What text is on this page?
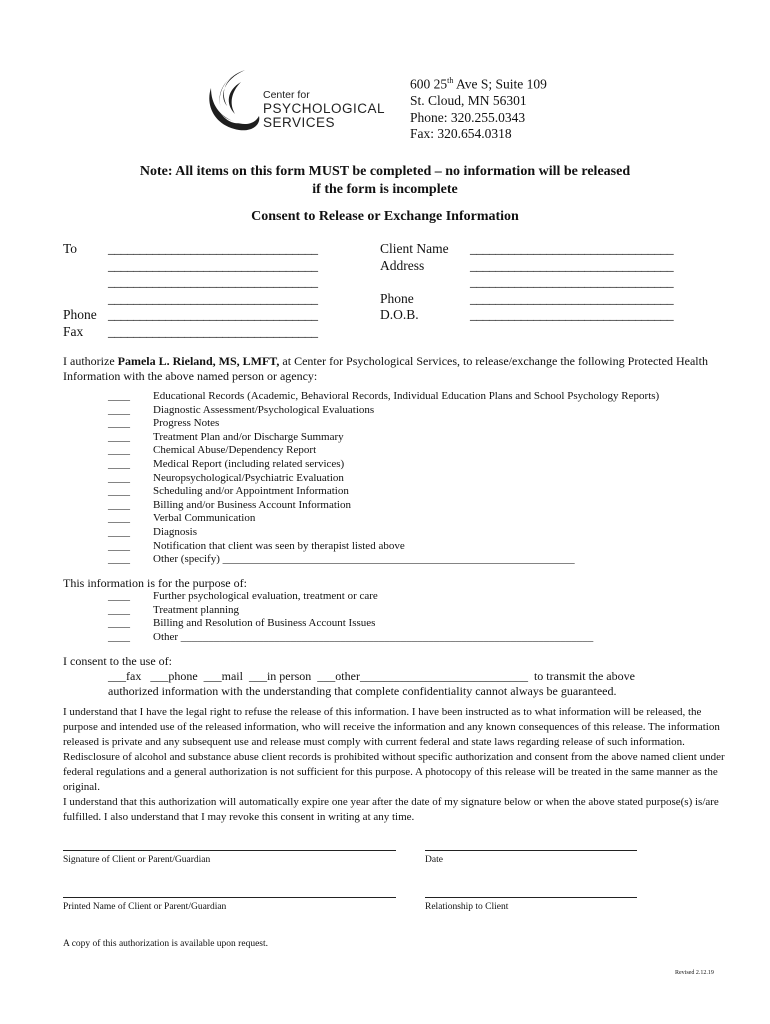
Center for
PSYCHOLOGICAL
SERVICES
600 25th Ave S; Suite 109
St. Cloud, MN 56301
Phone: 320.255.0343
Fax: 320.654.0318
Note: All items on this form MUST be completed – no information will be released
if the form is incomplete
Consent to Release or Exchange Information
To
Phone
Fax
_________________________________
_________________________________
_________________________________
_________________________________
_________________________________
_________________________________
Client Name
Address
Phone
D.O.B.
________________________________
________________________________
________________________________
________________________________
________________________________
I authorize Pamela L. Rieland, MS, LMFT, at Center for Psychological Services, to release/exchange the following Protected Health Information with the above named person or agency:
____ Educational Records (Academic, Behavioral Records, Individual Education Plans and School Psychology Reports)
____ Diagnostic Assessment/Psychological Evaluations
____ Progress Notes
____ Treatment Plan and/or Discharge Summary
____ Chemical Abuse/Dependency Report
____ Medical Report (including related services)
____ Neuropsychological/Psychiatric Evaluation
____ Scheduling and/or Appointment Information
____ Billing and/or Business Account Information
____ Verbal Communication
____ Diagnosis
____ Notification that client was seen by therapist listed above
____ Other (specify) ________________________________________________________________
This information is for the purpose of:
____ Further psychological evaluation, treatment or care
____ Treatment planning
____ Billing and Resolution of Business Account Issues
____ Other ___________________________________________________________________________
I consent to the use of:
___fax   ___phone  ___mail  ___in person  ___other____________________________  to transmit the above
authorized information with the understanding that complete confidentiality cannot always be guaranteed.
I understand that I have the legal right to refuse the release of this information. I have been instructed as to what information will be released, the purpose and intended use of the released information, who will receive the information and any known consequences of this release. The information released is private and any subsequent use and release must comply with current federal and state laws regarding release of such information. Redisclosure of alcohol and substance abuse client records is prohibited without specific authorization and consent from the above named client under federal regulations and a general authorization is not sufficient for this purpose. A photocopy of this release will be treated in the same manner as the original.
I understand that this authorization will automatically expire one year after the date of my signature below or when the above stated purpose(s) is/are fulfilled. I also understand that I may revoke this consent in writing at any time.
Signature of Client or Parent/Guardian	Date
Printed Name of Client or Parent/Guardian	Relationship to Client
A copy of this authorization is available upon request.
Revised 2.12.19
